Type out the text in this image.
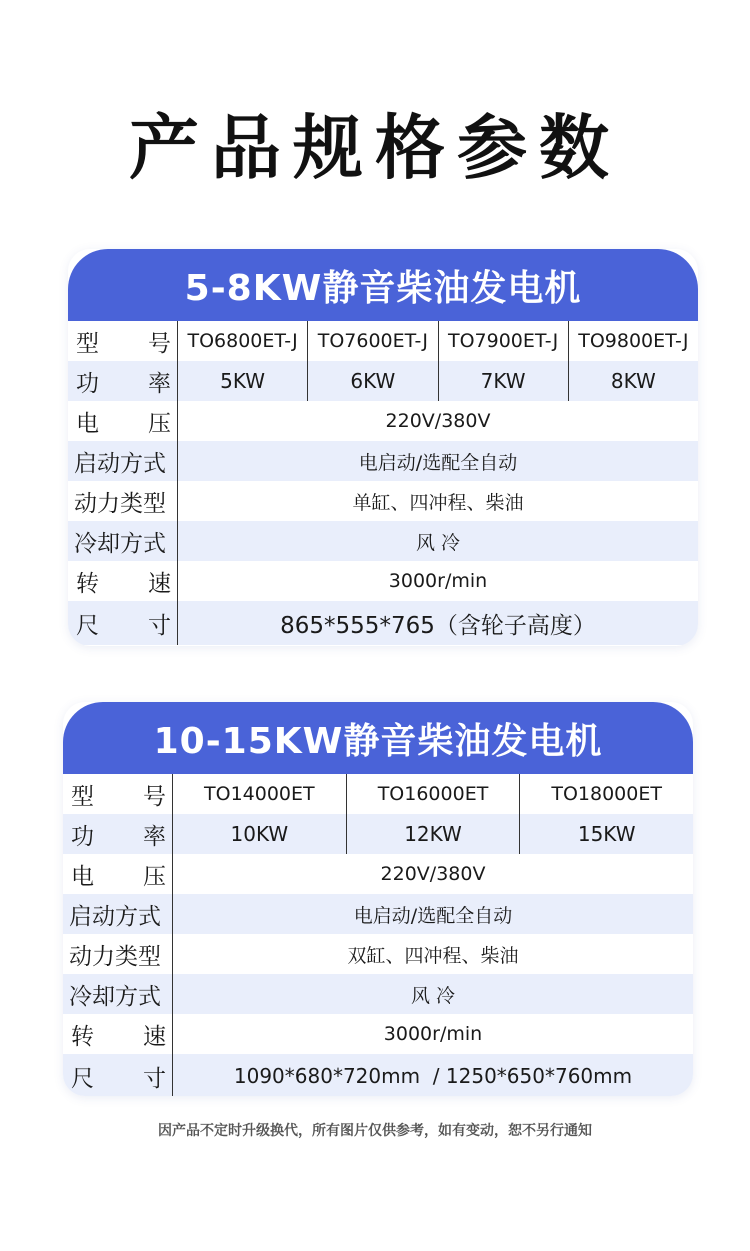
产品规格参数
5-8KW静音柴油发电机
型 号 TO6800ET-J	TO7600ET-J	TO7900ET-J	TO9800ET-J
功 率	5KW	6KW	7KW	8KW
电 压	220V/380V
启动方式	电启动/选配全自动
动力类型	单缸、四冲程、柴油
冷却方式	风 冷
转 速	3000r/min
尺 寸	865*555*765（含轮子高度）
10-15KW静音柴油发电机
型 号	TO14000ET	TO16000ET	TO18000ET
功 率	10KW	12KW	15KW
电 压	220V/380V
启动方式	电启动/选配全自动
动力类型	双缸、四冲程、柴油
冷却方式	风 冷
转 速	3000r/min
尺 寸	1090*680*720mm  / 1250*650*760mm
因产品不定时升级换代，所有图片仅供参考，如有变动，恕不另行通知
